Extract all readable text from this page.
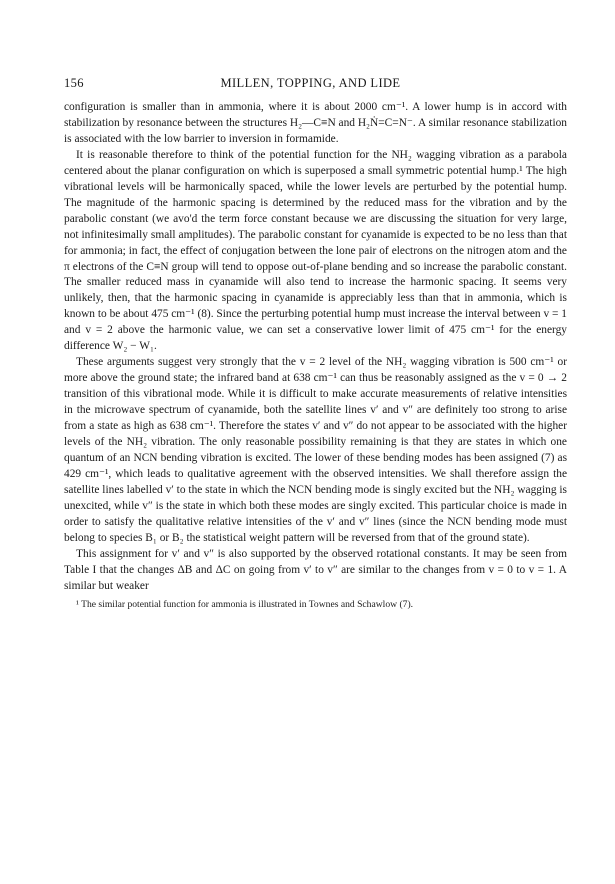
156	MILLEN, TOPPING, AND LIDE

configuration is smaller than in ammonia, where it is about 2000 cm⁻¹. A lower hump is in accord with stabilization by resonance between the structures H₂—C≡N and H₂Ṅ=C=N⁻. A similar resonance stabilization is associated with the low barrier to inversion in formamide.

It is reasonable therefore to think of the potential function for the NH₂ wagging vibration as a parabola centered about the planar configuration on which is superposed a small symmetric potential hump.¹ The high vibrational levels will be harmonically spaced, while the lower levels are perturbed by the potential hump. The magnitude of the harmonic spacing is determined by the reduced mass for the vibration and by the parabolic constant (we avo'd the term force constant because we are discussing the situation for very large, not infinitesimally small amplitudes). The parabolic constant for cyanamide is expected to be no less than that for ammonia; in fact, the effect of conjugation between the lone pair of electrons on the nitrogen atom and the π electrons of the C≡N group will tend to oppose out-of-plane bending and so increase the parabolic constant. The smaller reduced mass in cyanamide will also tend to increase the harmonic spacing. It seems very unlikely, then, that the harmonic spacing in cyanamide is appreciably less than that in ammonia, which is known to be about 475 cm⁻¹ (8). Since the perturbing potential hump must increase the interval between v = 1 and v = 2 above the harmonic value, we can set a conservative lower limit of 475 cm⁻¹ for the energy difference W₂ − W₁.

These arguments suggest very strongly that the v = 2 level of the NH₂ wagging vibration is 500 cm⁻¹ or more above the ground state; the infrared band at 638 cm⁻¹ can thus be reasonably assigned as the v = 0 → 2 transition of this vibrational mode. While it is difficult to make accurate measurements of relative intensities in the microwave spectrum of cyanamide, both the satellite lines v′ and v″ are definitely too strong to arise from a state as high as 638 cm⁻¹. Therefore the states v′ and v″ do not appear to be associated with the higher levels of the NH₂ vibration. The only reasonable possibility remaining is that they are states in which one quantum of an NCN bending vibration is excited. The lower of these bending modes has been assigned (7) as 429 cm⁻¹, which leads to qualitative agreement with the observed intensities. We shall therefore assign the satellite lines labelled v′ to the state in which the NCN bending mode is singly excited but the NH₂ wagging is unexcited, while v″ is the state in which both these modes are singly excited. This particular choice is made in order to satisfy the qualitative relative intensities of the v′ and v″ lines (since the NCN bending mode must belong to species B₁ or B₂ the statistical weight pattern will be reversed from that of the ground state).

This assignment for v′ and v″ is also supported by the observed rotational constants. It may be seen from Table I that the changes ΔB and ΔC on going from v′ to v″ are similar to the changes from v = 0 to v = 1. A similar but weaker

¹ The similar potential function for ammonia is illustrated in Townes and Schawlow (7).
